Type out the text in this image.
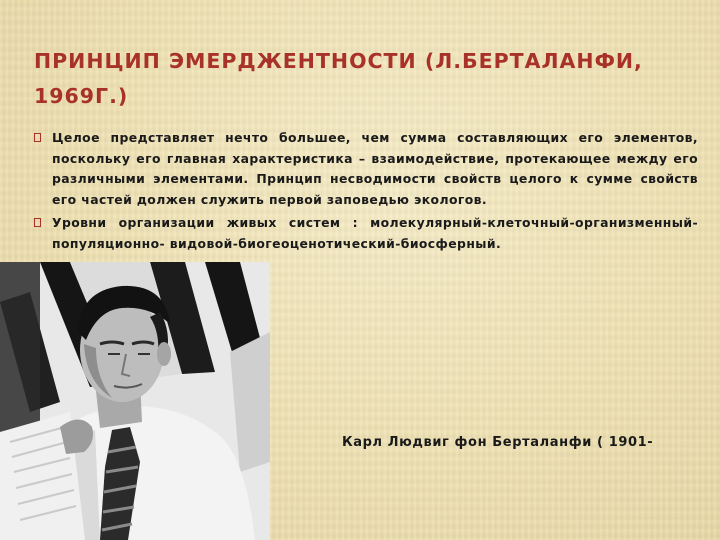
ПРИНЦИП ЭМЕРДЖЕНТНОСТИ (Л.БЕРТАЛАНФИ, 1969Г.)
Целое представляет нечто большее, чем сумма составляющих его элементов, поскольку его главная характеристика – взаимодействие, протекающее между его различными элементами. Принцип несводимости свойств целого к сумме свойств его частей должен служить первой заповедью экологов.
Уровни организации живых систем : молекулярный-клеточный-организменный-популяционно- видовой-биогеоценотический-биосферный.

Карл Людвиг фон Берталанфи ( 1901-
